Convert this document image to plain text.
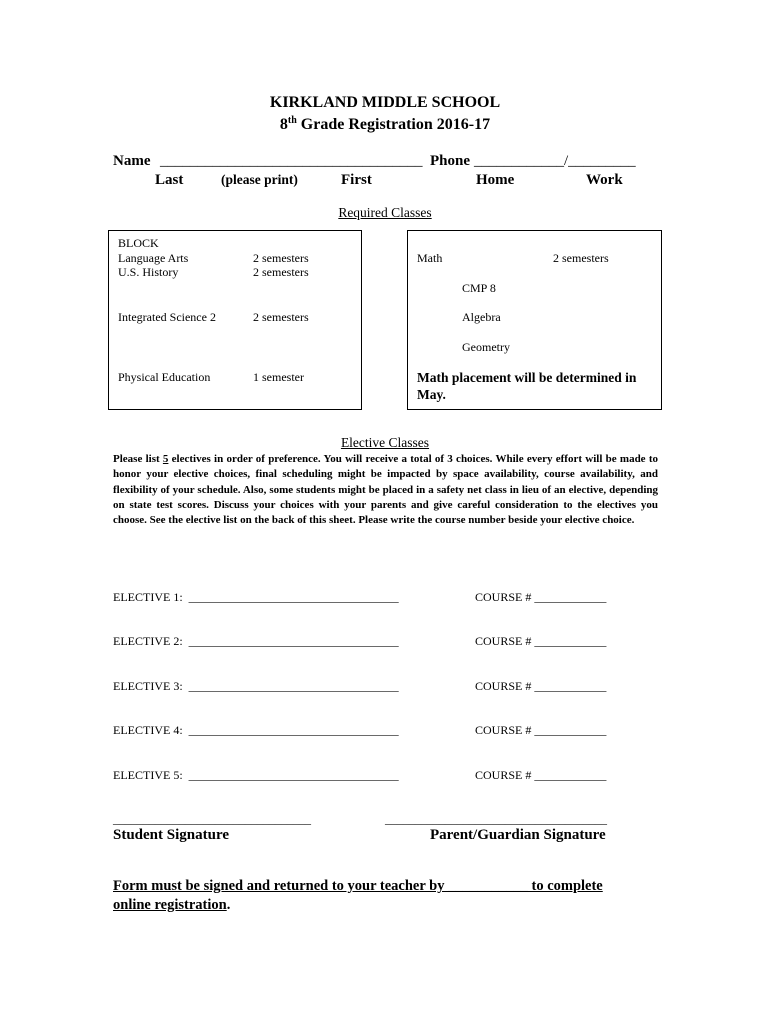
KIRKLAND MIDDLE SCHOOL
8th Grade Registration 2016-17
Name ___________________________________ Phone ____________/_________
Last	(please print)	First	Home	Work
Required Classes
BLOCK
Language Arts	2 semesters
U.S. History	2 semesters
Integrated Science 2	2 semesters
Physical Education	1 semester
Math	2 semesters
CMP 8
Algebra
Geometry
Math placement will be determined in May.
Elective Classes
Please list 5 electives in order of preference. You will receive a total of 3 choices. While every effort will be made to honor your elective choices, final scheduling might be impacted by space availability, course availability, and flexibility of your schedule. Also, some students might be placed in a safety net class in lieu of an elective, depending on state test scores. Discuss your choices with your parents and give careful consideration to the electives you choose. See the elective list on the back of this sheet. Please write the course number beside your elective choice.
ELECTIVE 1:  ___________________________________	COURSE # ____________
ELECTIVE 2:  ___________________________________	COURSE # ____________
ELECTIVE 3:  ___________________________________	COURSE # ____________
ELECTIVE 4:  ___________________________________	COURSE # ____________
ELECTIVE 5:  ___________________________________	COURSE # ____________
_________________________________	_____________________________________
Student Signature	Parent/Guardian Signature
Form must be signed and returned to your teacher by ___________ to complete online registration.
